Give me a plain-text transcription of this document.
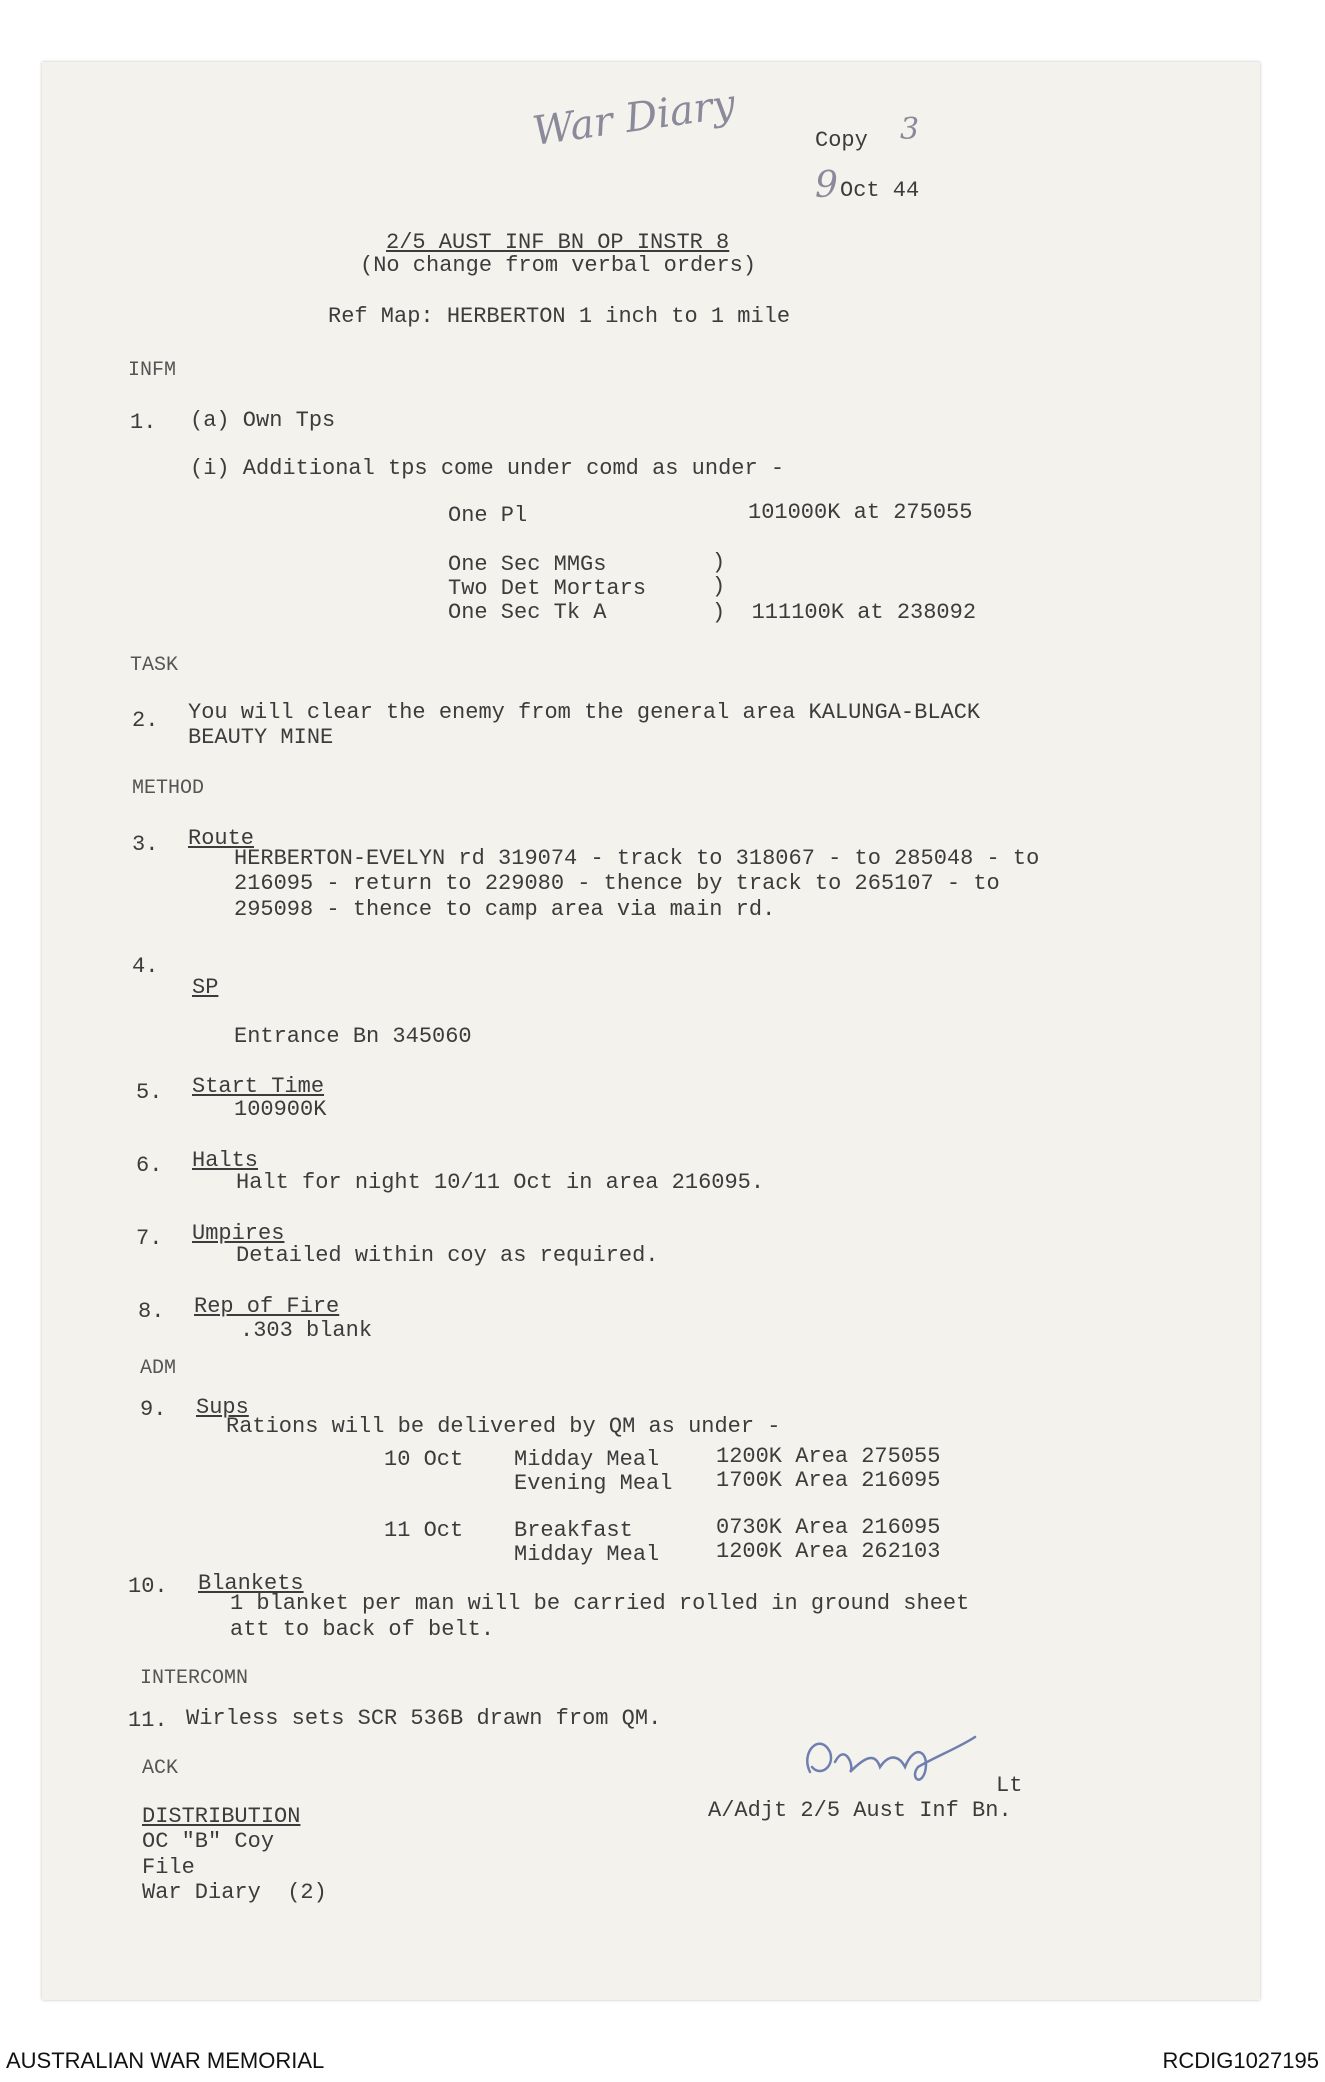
War Diary	Copy 3
9 Oct 44
2/5 AUST INF BN OP INSTR 8
(No change from verbal orders)
Ref Map: HERBERTON 1 inch to 1 mile
INFM
1. (a) Own Tps
(i) Additional tps come under comd as under -
One Pl	101000K at 275055
One Sec MMGs	)
Two Det Mortars	)
One Sec Tk A	)  111100K at 238092
TASK
2. You will clear the enemy from the general area KALUNGA-BLACK
BEAUTY MINE
METHOD
3. Route
HERBERTON-EVELYN rd 319074 - track to 318067 - to 285048 - to
216095 - return to 229080 - thence by track to 265107 - to
295098 - thence to camp area via main rd.
4.
SP
Entrance Bn 345060
5. Start Time
100900K
6. Halts
Halt for night 10/11 Oct in area 216095.
7. Umpires
Detailed within coy as required.
8. Rep of Fire
.303 blank
ADM
9. Sups
Rations will be delivered by QM as under -
10 Oct Midday Meal	1200K Area 275055
Evening Meal 1700K Area 216095
11 Oct Breakfast	0730K Area 216095
Midday Meal	1200K Area 262103
10. Blankets
1 blanket per man will be carried rolled in ground sheet
att to back of belt.
INTERCOMN
11. Wirless sets SCR 536B drawn from QM.
ACK
Lt
A/Adjt 2/5 Aust Inf Bn.
DISTRIBUTION
OC "B" Coy
File
War Diary  (2)
AUSTRALIAN WAR MEMORIAL	RCDIG1027195
